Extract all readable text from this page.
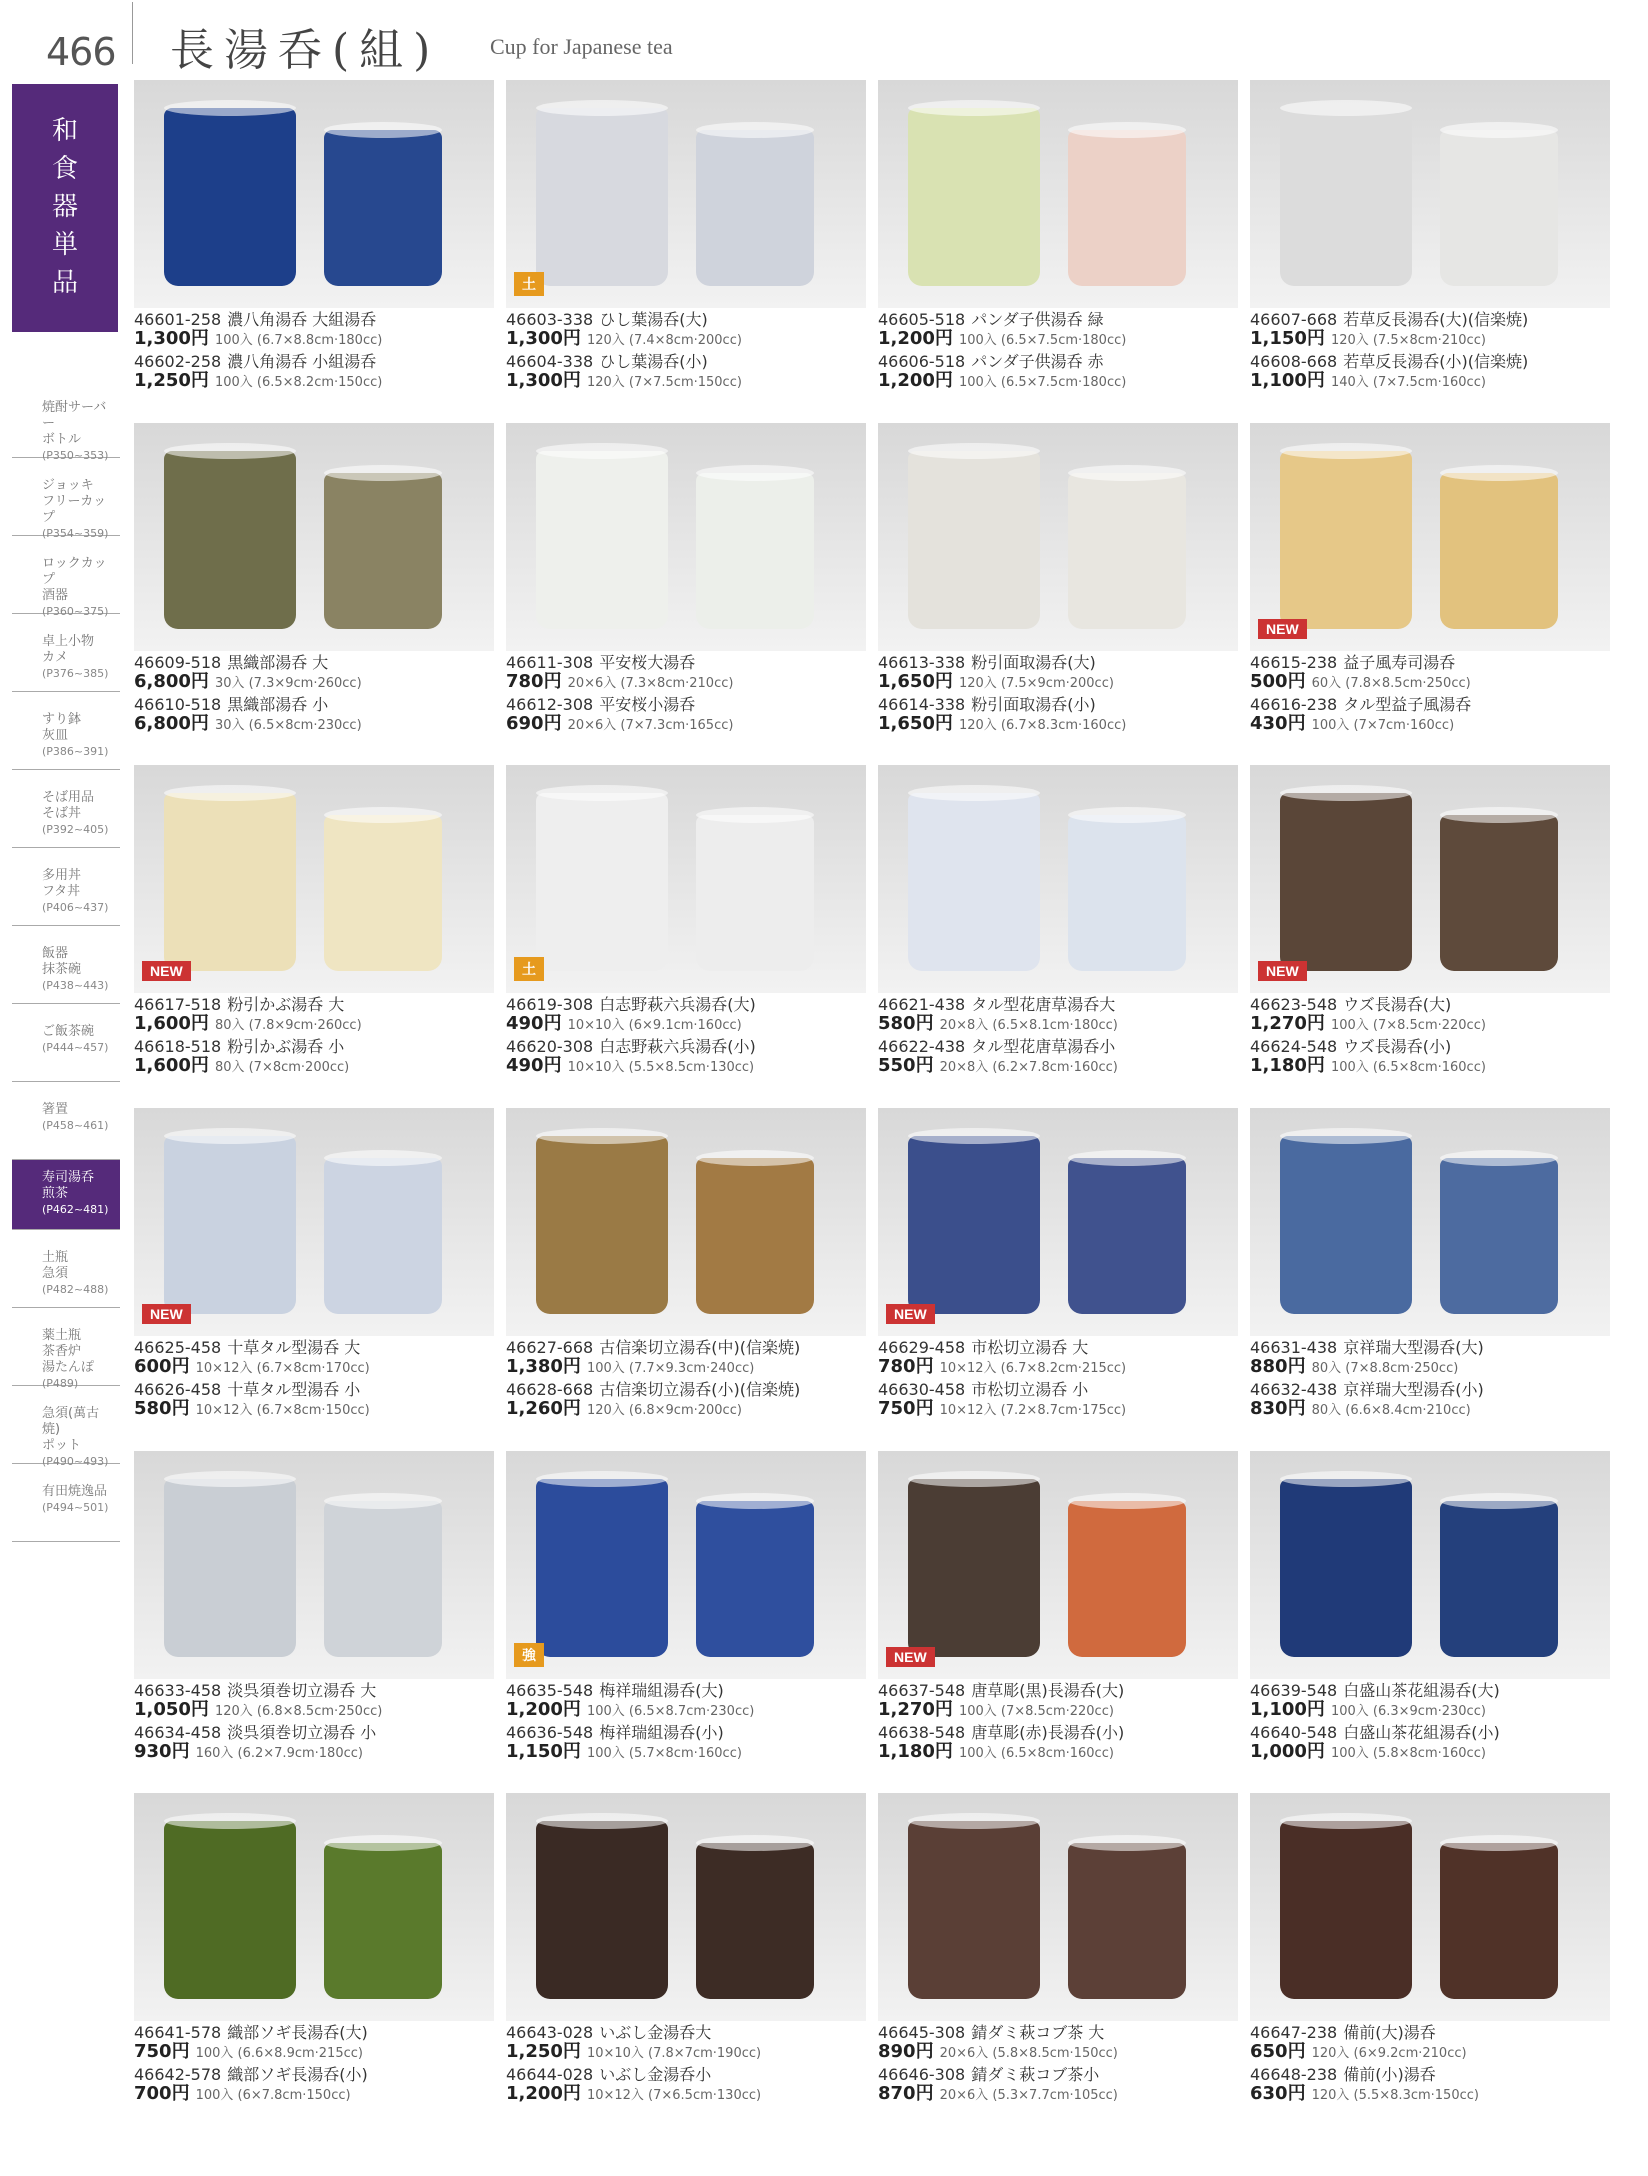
466 長湯呑(組) Cup for Japanese tea
和
食
器
単
品
焼酎サーバー
ボトル
(P350~353)
ジョッキ
フリーカップ
(P354~359)
ロックカップ
酒器
(P360~375)
卓上小物
カメ
(P376~385)
すり鉢
灰皿
(P386~391)
そば用品
そば丼
(P392~405)
多用丼
フタ丼
(P406~437)
飯器
抹茶碗
(P438~443)
ご飯茶碗
(P444~457)
箸置
(P458~461)
寿司湯呑
煎茶
(P462~481)
土瓶
急須
(P482~488)
薬土瓶
茶香炉
湯たんぽ
(P489)
急須(萬古焼)
ポット
(P490~493)
有田焼逸品
(P494~501)
46601-258 濃八角湯呑 大組湯呑
1,300円 100入 (6.7×8.8cm·180cc)
46602-258 濃八角湯呑 小組湯呑
1,250円 100入 (6.5×8.2cm·150cc)
土
46603-338 ひし葉湯呑(大)
1,300円 120入 (7.4×8cm·200cc)
46604-338 ひし葉湯呑(小)
1,300円 120入 (7×7.5cm·150cc)
46605-518 パンダ子供湯呑 緑
1,200円 100入 (6.5×7.5cm·180cc)
46606-518 パンダ子供湯呑 赤
1,200円 100入 (6.5×7.5cm·180cc)
46607-668 若草反長湯呑(大)(信楽焼)
1,150円 120入 (7.5×8cm·210cc)
46608-668 若草反長湯呑(小)(信楽焼)
1,100円 140入 (7×7.5cm·160cc)
46609-518 黒織部湯呑 大
6,800円 30入 (7.3×9cm·260cc)
46610-518 黒織部湯呑 小
6,800円 30入 (6.5×8cm·230cc)
46611-308 平安桜大湯呑
780円 20×6入 (7.3×8cm·210cc)
46612-308 平安桜小湯呑
690円 20×6入 (7×7.3cm·165cc)
46613-338 粉引面取湯呑(大)
1,650円 120入 (7.5×9cm·200cc)
46614-338 粉引面取湯呑(小)
1,650円 120入 (6.7×8.3cm·160cc)
NEW
46615-238 益子風寿司湯呑
500円 60入 (7.8×8.5cm·250cc)
46616-238 タル型益子風湯呑
430円 100入 (7×7cm·160cc)
NEW
46617-518 粉引かぶ湯呑 大
1,600円 80入 (7.8×9cm·260cc)
46618-518 粉引かぶ湯呑 小
1,600円 80入 (7×8cm·200cc)
土
46619-308 白志野萩六兵湯呑(大)
490円 10×10入 (6×9.1cm·160cc)
46620-308 白志野萩六兵湯呑(小)
490円 10×10入 (5.5×8.5cm·130cc)
46621-438 タル型花唐草湯呑大
580円 20×8入 (6.5×8.1cm·180cc)
46622-438 タル型花唐草湯呑小
550円 20×8入 (6.2×7.8cm·160cc)
NEW
46623-548 ウズ長湯呑(大)
1,270円 100入 (7×8.5cm·220cc)
46624-548 ウズ長湯呑(小)
1,180円 100入 (6.5×8cm·160cc)
NEW
46625-458 十草タル型湯呑 大
600円 10×12入 (6.7×8cm·170cc)
46626-458 十草タル型湯呑 小
580円 10×12入 (6.7×8cm·150cc)
46627-668 古信楽切立湯呑(中)(信楽焼)
1,380円 100入 (7.7×9.3cm·240cc)
46628-668 古信楽切立湯呑(小)(信楽焼)
1,260円 120入 (6.8×9cm·200cc)
NEW
46629-458 市松切立湯呑 大
780円 10×12入 (6.7×8.2cm·215cc)
46630-458 市松切立湯呑 小
750円 10×12入 (7.2×8.7cm·175cc)
46631-438 京祥瑞大型湯呑(大)
880円 80入 (7×8.8cm·250cc)
46632-438 京祥瑞大型湯呑(小)
830円 80入 (6.6×8.4cm·210cc)
46633-458 淡呉須巻切立湯呑 大
1,050円 120入 (6.8×8.5cm·250cc)
46634-458 淡呉須巻切立湯呑 小
930円 160入 (6.2×7.9cm·180cc)
強
46635-548 梅祥瑞組湯呑(大)
1,200円 100入 (6.5×8.7cm·230cc)
46636-548 梅祥瑞組湯呑(小)
1,150円 100入 (5.7×8cm·160cc)
NEW
46637-548 唐草彫(黒)長湯呑(大)
1,270円 100入 (7×8.5cm·220cc)
46638-548 唐草彫(赤)長湯呑(小)
1,180円 100入 (6.5×8cm·160cc)
46639-548 白盛山茶花組湯呑(大)
1,100円 100入 (6.3×9cm·230cc)
46640-548 白盛山茶花組湯呑(小)
1,000円 100入 (5.8×8cm·160cc)
46641-578 織部ソギ長湯呑(大)
750円 100入 (6.6×8.9cm·215cc)
46642-578 織部ソギ長湯呑(小)
700円 100入 (6×7.8cm·150cc)
46643-028 いぶし金湯呑大
1,250円 10×10入 (7.8×7cm·190cc)
46644-028 いぶし金湯呑小
1,200円 10×12入 (7×6.5cm·130cc)
46645-308 錆ダミ萩コブ茶 大
890円 20×6入 (5.8×8.5cm·150cc)
46646-308 錆ダミ萩コブ茶小
870円 20×6入 (5.3×7.7cm·105cc)
46647-238 備前(大)湯呑
650円 120入 (6×9.2cm·210cc)
46648-238 備前(小)湯呑
630円 120入 (5.5×8.3cm·150cc)
